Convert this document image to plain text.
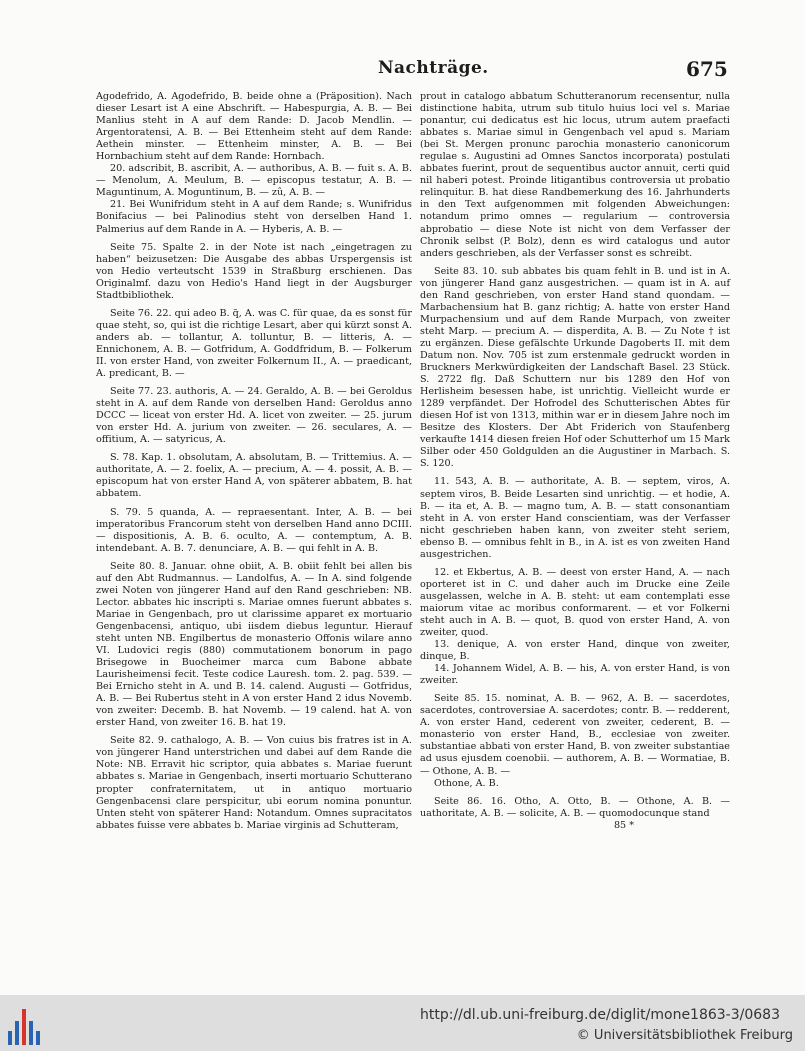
Nachträge.	675

Agodefrido, A. Agodefrido, B. beide ohne a (Präposition). Nach dieser Lesart ist A eine Abschrift. — Habespurgia, A. B. — Bei Manlius steht in A auf dem Rande: D. Jacob Mendlin. — Argentoratensi, A. B. — Bei Ettenheim steht auf dem Rande: Aethein minster. — Ettenheim minster, A. B. — Bei Hornbachium steht auf dem Rande: Hornbach.

20. adscribit, B. ascribit, A. — authoribus, A. B. — fuit s. A. B. — Menolum, A. Meulum, B. — episcopus testatur, A. B. — Maguntinum, A. Moguntinum, B. — zû, A. B. —

21. Bei Wunifridum steht in A auf dem Rande; s. Wunifridus Bonifacius — bei Palinodius steht von derselben Hand 1. Palmerius auf dem Rande in A. — Hyberis, A. B. —

Seite 75. Spalte 2. in der Note ist nach „eingetragen zu haben“ beizusetzen: Die Ausgabe des abbas Urspergensis ist von Hedio verteutscht 1539 in Straßburg erschienen. Das Originalmf. dazu von Hedio's Hand liegt in der Augsburger Stadtbibliothek.

Seite 76. 22. qui adeo B. q̃, A. was C. für quae, da es sonst für quae steht, so, qui ist die richtige Lesart, aber qui kürzt sonst A. anders ab. — tollantur, A. tolluntur, B. — litteris, A. — Ennichonem, A. B. — Gotfridum, A. Goddfridum, B. — Folkerum II. von erster Hand, von zweiter Folkernum II., A. — praedicant, A. predicant, B. —

Seite 77. 23. authoris, A. — 24. Geraldo, A. B. — bei Geroldus steht in A. auf dem Rande von derselben Hand: Geroldus anno DCCC — liceat von erster Hd. A. licet von zweiter. — 25. jurum von erster Hd. A. jurium von zweiter. — 26. seculares, A. — offitium, A. — satyricus, A.

S. 78. Kap. 1. obsolutam, A. absolutam, B. — Trittemius. A. — authoritate, A. — 2. foelix, A. — precium, A. — 4. possit, A. B. — episcopum hat von erster Hand A, von späterer abbatem, B. hat abbatem.

S. 79. 5 quanda, A. — repraesentant. Inter, A. B. — bei imperatoribus Francorum steht von derselben Hand anno DCIII. — dispositionis, A. B. 6. oculto, A. — contemptum, A. B. intendebant. A. B. 7. denunciare, A. B. — qui fehlt in A. B.

Seite 80. 8. Januar. ohne obiit, A. B. obiit fehlt bei allen bis auf den Abt Rudmannus. — Landolfus, A. — In A. sind folgende zwei Noten von jüngerer Hand auf den Rand geschrieben: NB. Lector. abbates hic inscripti s. Mariae omnes fuerunt abbates s. Mariae in Gengenbach, pro ut clarissime apparet ex mortuario Gengenbacensi, antiquo, ubi iisdem diebus leguntur. Hierauf steht unten NB. Engilbertus de monasterio Offonis wilare anno VI. Ludovici regis (880) commutationem bonorum in pago Brisegowe in Buocheimer marca cum Babone abbate Laurisheimensi fecit. Teste codice Lauresh. tom. 2. pag. 539. — Bei Ernicho steht in A. und B. 14. calend. Augusti — Gotfridus, A. B. — Bei Rubertus steht in A von erster Hand 2 idus Novemb. von zweiter: Decemb. B. hat Novemb. — 19 calend. hat A. von erster Hand, von zweiter 16. B. hat 19.

Seite 82. 9. cathalogo, A. B. — Von cuius bis fratres ist in A. von jüngerer Hand unterstrichen und dabei auf dem Rande die Note: NB. Erravit hic scriptor, quia abbates s. Mariae fuerunt abbates s. Mariae in Gengenbach, inserti mortuario Schutterano propter confraternitatem, ut in antiquo mortuario Gengenbacensi clare perspicitur, ubi eorum nomina ponuntur. Unten steht von späterer Hand: Notandum. Omnes supracitatos abbates fuisse vere abbates b. Mariae virginis ad Schutteram,

prout in catalogo abbatum Schutteranorum recensentur, nulla distinctione habita, utrum sub titulo huius loci vel s. Mariae ponantur, cui dedicatus est hic locus, utrum autem praefacti abbates s. Mariae simul in Gengenbach vel apud s. Mariam (bei St. Mergen pronunc parochia monasterio canonicorum regulae s. Augustini ad Omnes Sanctos incorporata) postulati abbates fuerint, prout de sequentibus auctor annuit, certi quid nil haberi potest. Proinde litigantibus controversia ut probatio relinquitur. B. hat diese Randbemerkung des 16. Jahrhunderts in den Text aufgenommen mit folgenden Abweichungen: notandum primo omnes — regularium — controversia abprobatio — diese Note ist nicht von dem Verfasser der Chronik selbst (P. Bolz), denn es wird catalogus und autor anders geschrieben, als der Verfasser sonst es schreibt.

Seite 83. 10. sub abbates bis quam fehlt in B. und ist in A. von jüngerer Hand ganz ausgestrichen. — quam ist in A. auf den Rand geschrieben, von erster Hand stand quondam. — Marbachensium hat B. ganz richtig; A. hatte von erster Hand Murpachensium und auf dem Rande Murpach, von zweiter steht Marp. — precium A. — disperdita, A. B. — Zu Note † ist zu ergänzen. Diese gefälschte Urkunde Dagoberts II. mit dem Datum non. Nov. 705 ist zum erstenmale gedruckt worden in Bruckners Merkwürdigkeiten der Landschaft Basel. 23 Stück. S. 2722 flg. Daß Schuttern nur bis 1289 den Hof von Herlisheim besessen habe, ist unrichtig. Vielleicht wurde er 1289 verpfändet. Der Hofrodel des Schutterischen Abtes für diesen Hof ist von 1313, mithin war er in diesem Jahre noch im Besitze des Klosters. Der Abt Friderich von Staufenberg verkaufte 1414 diesen freien Hof oder Schutterhof um 15 Mark Silber oder 450 Goldgulden an die Augustiner in Marbach. S. S. 120.

11. 543, A. B. — authoritate, A. B. — septem, viros, A. septem viros, B. Beide Lesarten sind unrichtig. — et hodie, A. B. — ita et, A. B. — magno tum, A. B. — statt consonantiam steht in A. von erster Hand conscientiam, was der Verfasser nicht geschrieben haben kann, von zweiter steht seriem, ebenso B. — omnibus fehlt in B., in A. ist es von zweiten Hand ausgestrichen.

12. et Ekbertus, A. B. — deest von erster Hand, A. — nach oporteret ist in C. und daher auch im Drucke eine Zeile ausgelassen, welche in A. B. steht: ut eam contemplati esse maiorum vitae ac moribus conformarent. — et vor Folkerni steht auch in A. B. — quot, B. quod von erster Hand, A. von zweiter, quod.

13. denique, A. von erster Hand, dinque von zweiter, dinque, B.

14. Johannem Widel, A. B. — his, A. von erster Hand, is von zweiter.

Seite 85. 15. nominat, A. B. — 962, A. B. — sacerdotes, sacerdotes, controversiae A. sacerdotes; contr. B. — redderent, A. von erster Hand, cederent von zweiter, cederent, B. — monasterio von erster Hand, B., ecclesiae von zweiter. substantiae abbati von erster Hand, B. von zweiter substantiae ad usus ejusdem coenobii. — authorem, A. B. — Wormatiae, B. — Othone, A. B. —

Othone, A. B.

Seite 86. 16. Otho, A. Otto, B. — Othone, A. B. — uathoritate, A. B. — solicite, A. B. — quomodocunque stand

85 *

http://dl.ub.uni-freiburg.de/diglit/mone1863-3/0683
© Universitätsbibliothek Freiburg
